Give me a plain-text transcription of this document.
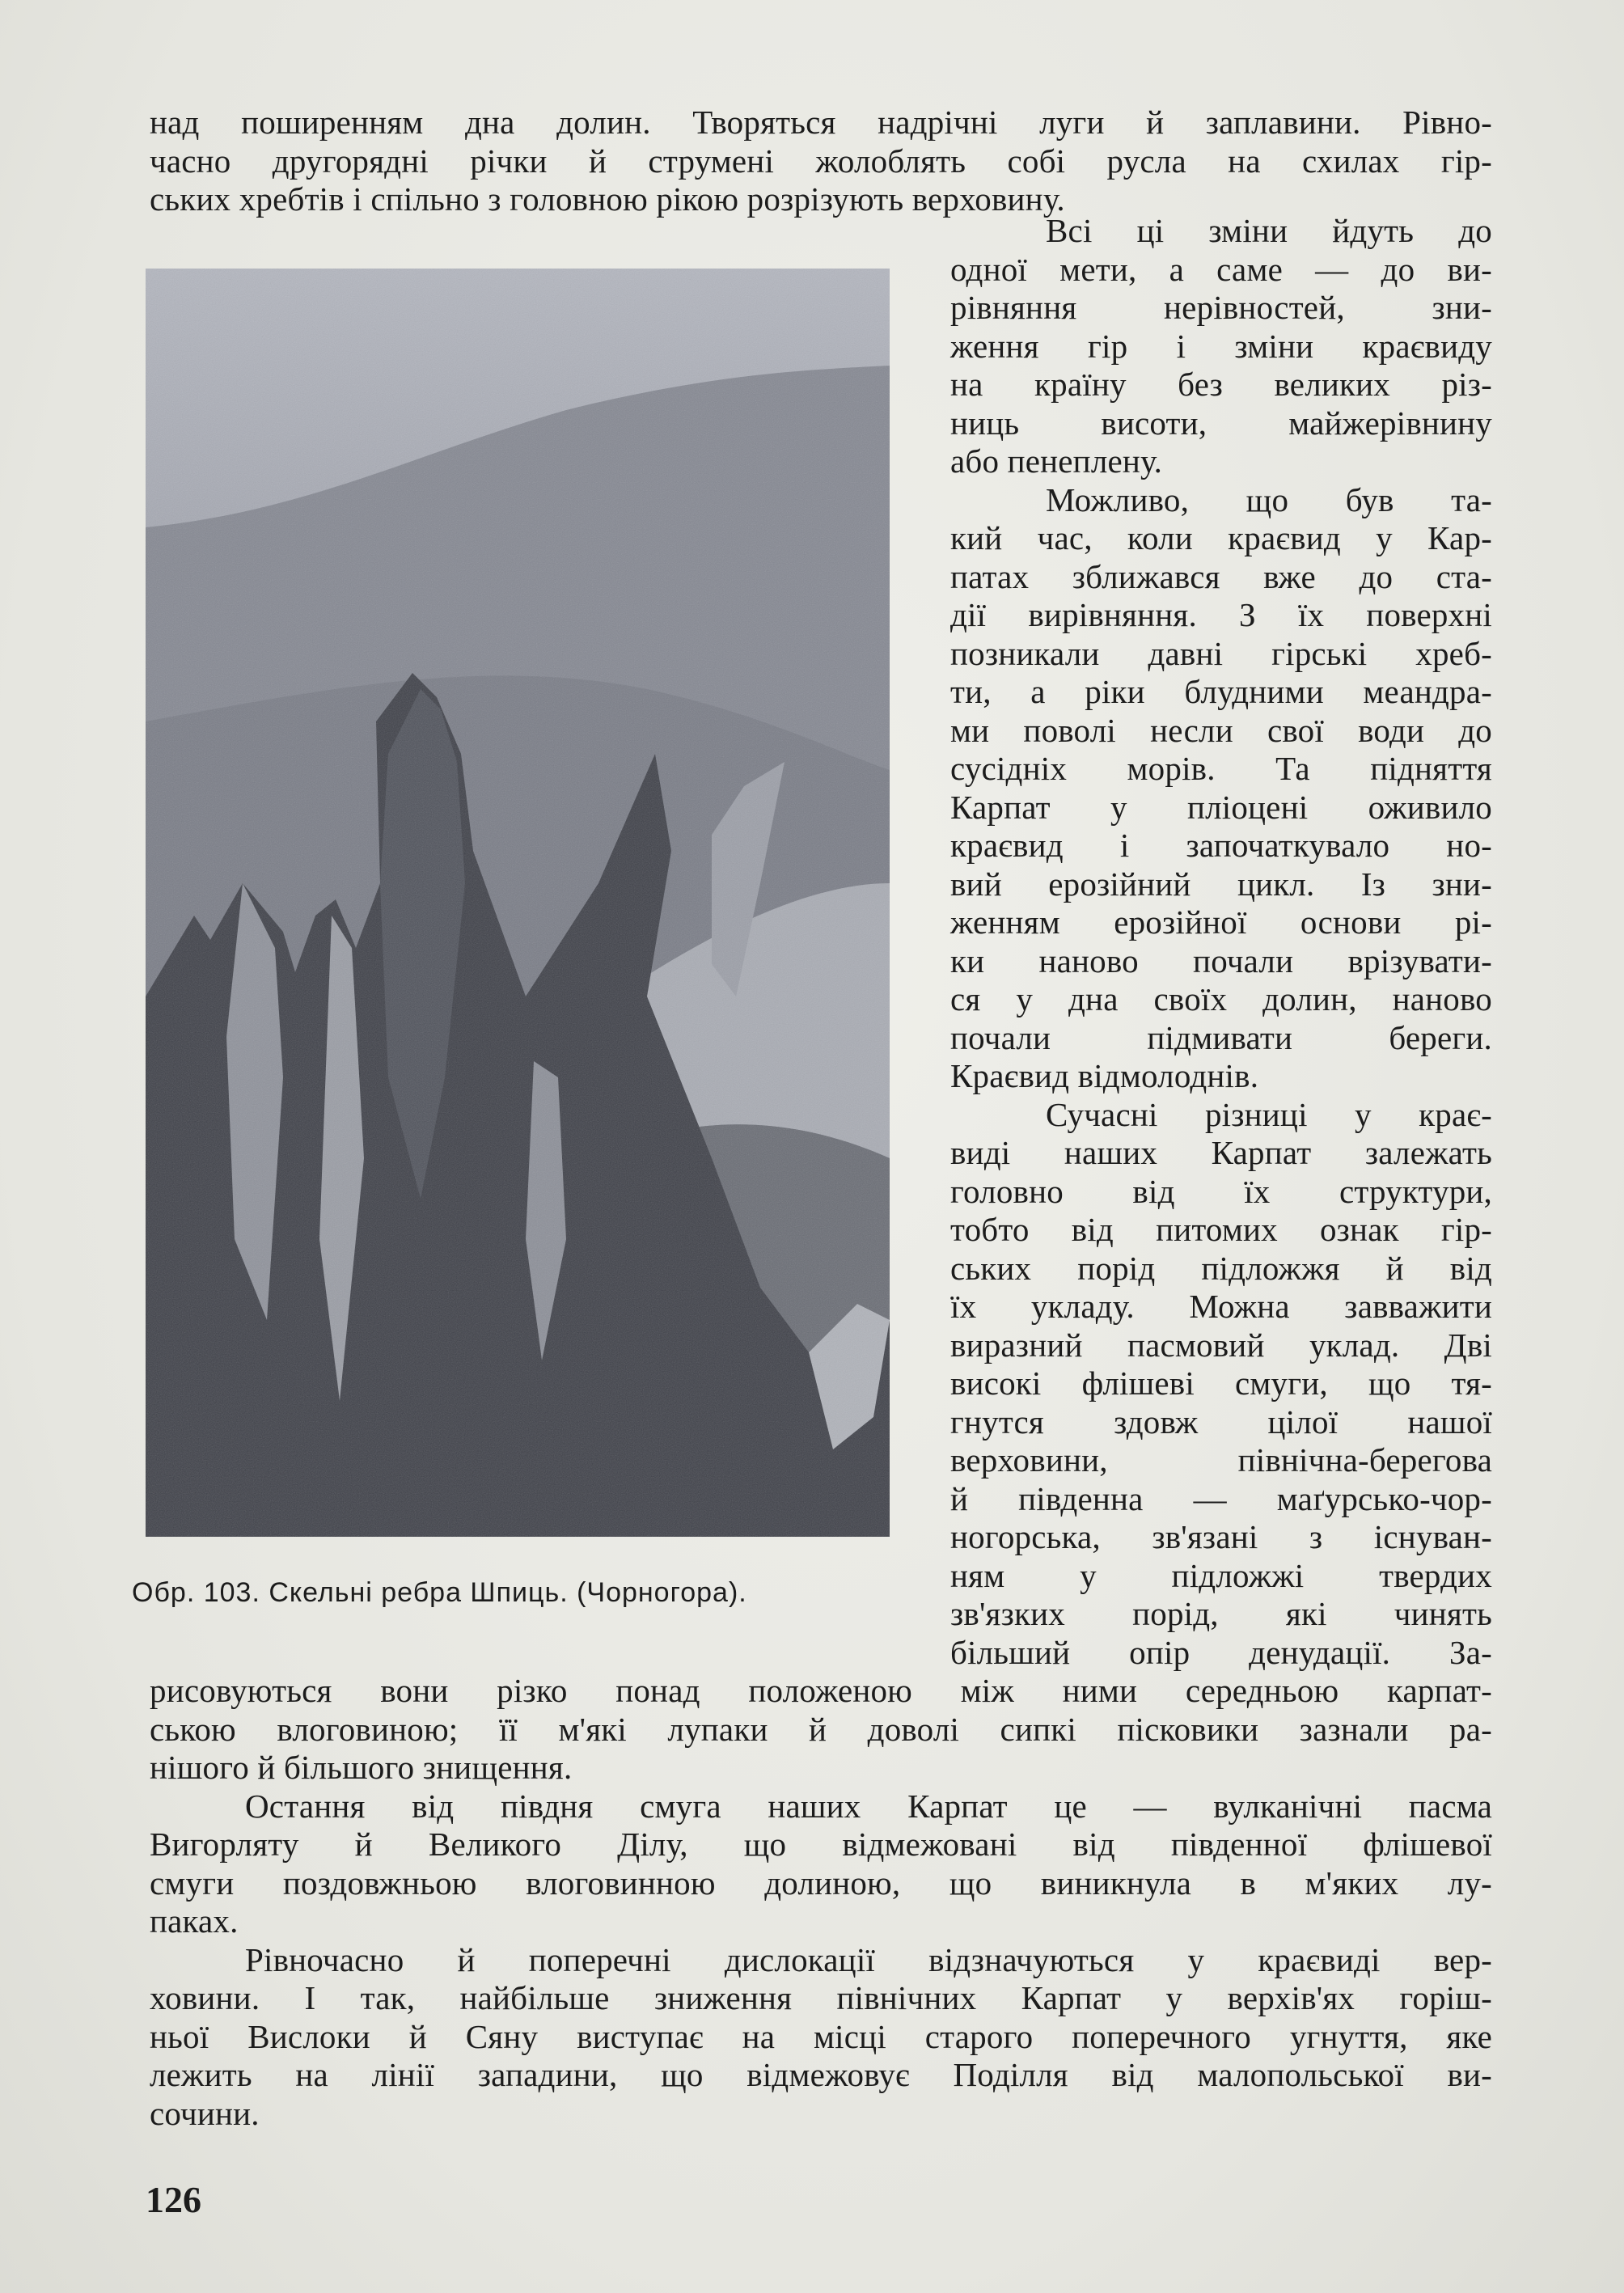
над поширенням дна долин. Творяться надрічні луги й заплавини. Рівно-
часно другорядні річки й струмені жолоблять собі русла на схилах гір-
ських хребтів і спільно з головною рікою розрізують верховину.
Обр. 103. Скельні ребра Шпиць. (Чорногора).
Всі ці зміни йдуть до
одної мети, а саме — до ви-
рівняння нерівностей, зни-
ження гір і зміни краєвиду
на країну без великих різ-
ниць висоти, майжерівнину
або пенеплену.
Можливо, що був та-
кий час, коли краєвид у Кар-
патах зближався вже до ста-
дії вирівняння. З їх поверхні
позникали давні гірські хреб-
ти, а ріки блудними меандра-
ми поволі несли свої води до
сусідніх морів. Та підняття
Карпат у пліоцені оживило
краєвид і започаткувало но-
вий ерозійний цикл. Із зни-
женням ерозійної основи рі-
ки наново почали врізувати-
ся у дна своїх долин, наново
почали підмивати береги.
Краєвид відмолоднів.
Сучасні різниці у крає-
виді наших Карпат залежать
головно від їх структури,
тобто від питомих ознак гір-
ських порід підложжя й від
їх укладу. Можна завважити
виразний пасмовий уклад. Дві
високі флішеві смуги, що тя-
гнутся здовж цілої нашої
верховини, північна-берегова
й південна — маґурсько-чор-
ногорська, зв'язані з існуван-
ням у підложжі твердих
зв'язких порід, які чинять
більший опір денудації. За-
рисовуються вони різко понад положеною між ними середньою карпат-
ською влоговиною; її м'які лупаки й доволі сипкі пісковики зазнали ра-
нішого й більшого знищення.
Остання від півдня смуга наших Карпат це — вулканічні пасма
Вигорляту й Великого Ділу, що відмежовані від південної флішевої
смуги поздовжньою влоговинною долиною, що виникнула в м'яких лу-
паках.
Рівночасно й поперечні дислокації відзначуються у краєвиді вер-
ховини. І так, найбільше зниження північних Карпат у верхів'ях горіш-
ньої Вислоки й Сяну виступає на місці старого поперечного угнуття, яке
лежить на лінії западини, що відмежовує Поділля від малопольської ви-
сочини.
126
